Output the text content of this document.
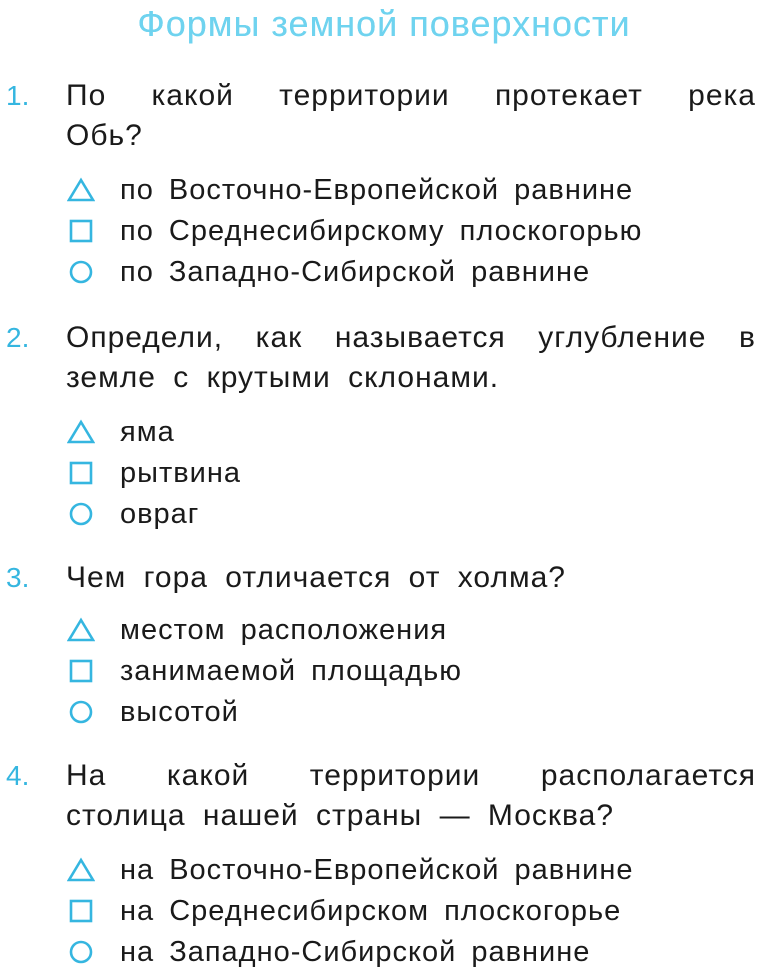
Формы земной поверхности
1.	По какой территории протекает река
Обь?
по Восточно-Европейской равнине
по Среднесибирскому плоскогорью
по Западно-Сибирской равнине
2.	Определи, как называется углубление в
земле с крутыми склонами.
яма
рытвина
овраг
3.	Чем гора отличается от холма?
местом расположения
занимаемой площадью
высотой
4.	На какой территории располагается
столица нашей страны — Москва?
на Восточно-Европейской равнине
на Среднесибирском плоскогорье
на Западно-Сибирской равнине
